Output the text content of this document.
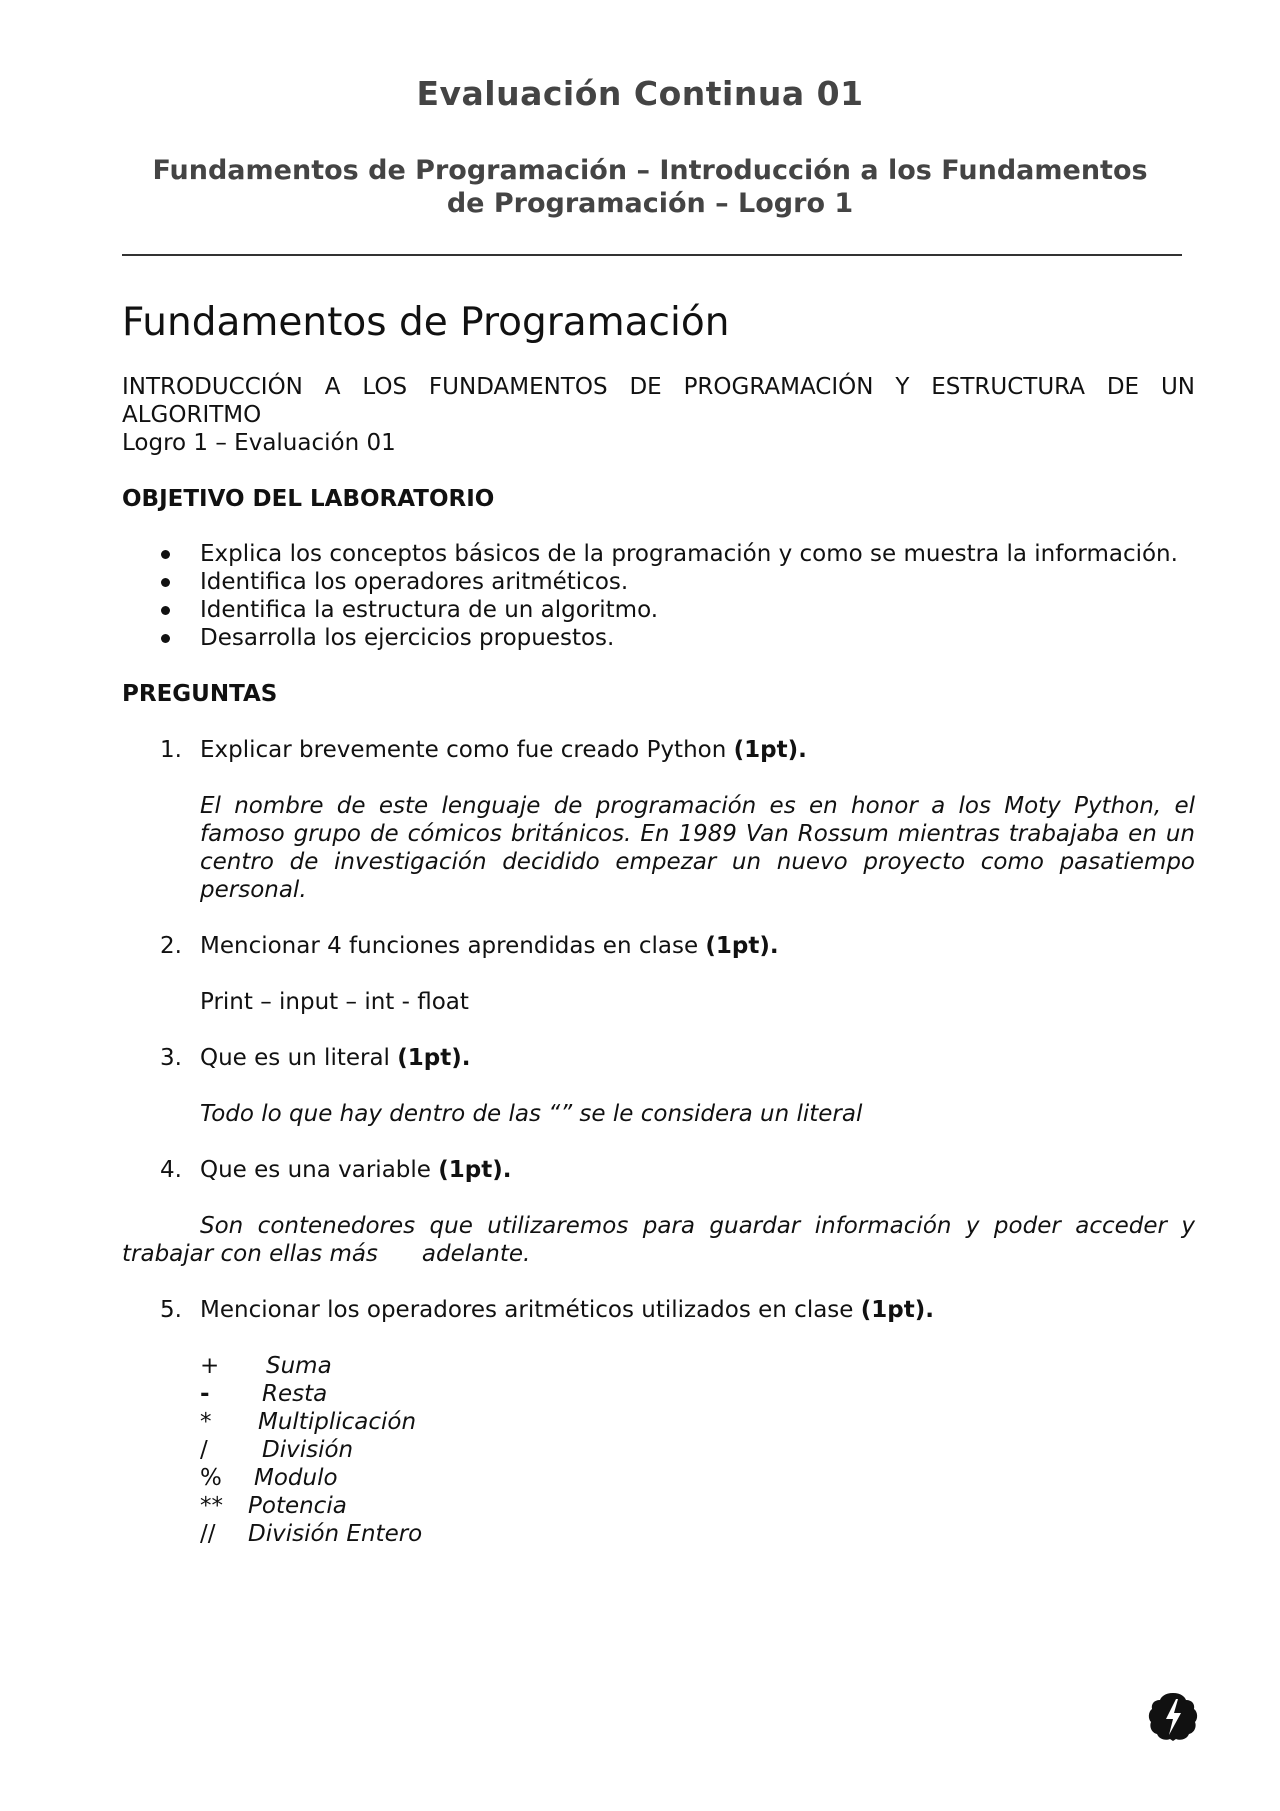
Evaluación Continua 01
Fundamentos de Programación – Introducción a los Fundamentos
de Programación – Logro 1
Fundamentos de Programación

INTRODUCCIÓN A LOS FUNDAMENTOS DE PROGRAMACIÓN Y ESTRUCTURA DE UN ALGORITMO

Logro 1 – Evaluación 01

OBJETIVO DEL LABORATORIO

Explica los conceptos básicos de la programación y como se muestra la información.
Identifica los operadores aritméticos.
Identifica la estructura de un algoritmo.
Desarrolla los ejercicios propuestos.

PREGUNTAS

1. Explicar brevemente como fue creado Python (1pt).

El nombre de este lenguaje de programación es en honor a los Moty Python, el famoso grupo de cómicos británicos. En 1989 Van Rossum mientras trabajaba en un centro de investigación decidido empezar un nuevo proyecto como pasatiempo personal.

2. Mencionar 4 funciones aprendidas en clase (1pt).

Print – input – int - float

3. Que es un literal (1pt).

Todo lo que hay dentro de las “” se le considera un literal

4. Que es una variable (1pt).

Son contenedores que utilizaremos para guardar información y poder acceder y trabajar con ellas más adelante.

5. Mencionar los operadores aritméticos utilizados en clase (1pt).

+ Suma
- Resta
* Multiplicación
/ División
% Modulo
** Potencia
// División Entero
